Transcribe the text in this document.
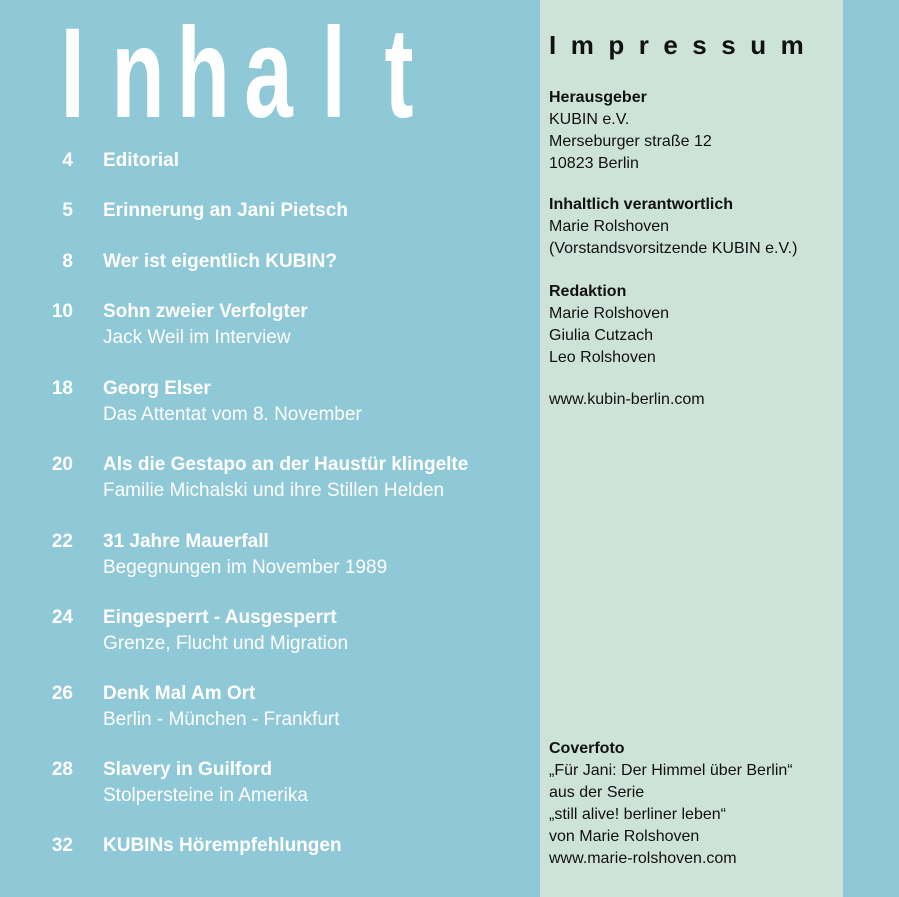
I nh a l t
4 Editorial
5 Erinnerung an Jani Pietsch
8 Wer ist eigentlich KUBIN?
10 Sohn zweier Verfolgter
Jack Weil im Interview
18 Georg Elser
Das Attentat vom 8. November
20 Als die Gestapo an der Haustür klingelte
Familie Michalski und ihre Stillen Helden
22 31 Jahre Mauerfall
Begegnungen im November 1989
24 Eingesperrt - Ausgesperrt
Grenze, Flucht und Migration
26 Denk Mal Am Ort
Berlin - München - Frankfurt
28 Slavery in Guilford
Stolpersteine in Amerika
32 KUBINs Hörempfehlungen
Impressum
Herausgeber
KUBIN e.V.
Merseburger straße 12
10823 Berlin
Inhaltlich verantwortlich
Marie Rolshoven
(Vorstandsvorsitzende KUBIN e.V.)
Redaktion
Marie Rolshoven
Giulia Cutzach
Leo Rolshoven
www.kubin-berlin.com
Coverfoto
„Für Jani: Der Himmel über Berlin“
aus der Serie
„still alive! berliner leben“
von Marie Rolshoven
www.marie-rolshoven.com
